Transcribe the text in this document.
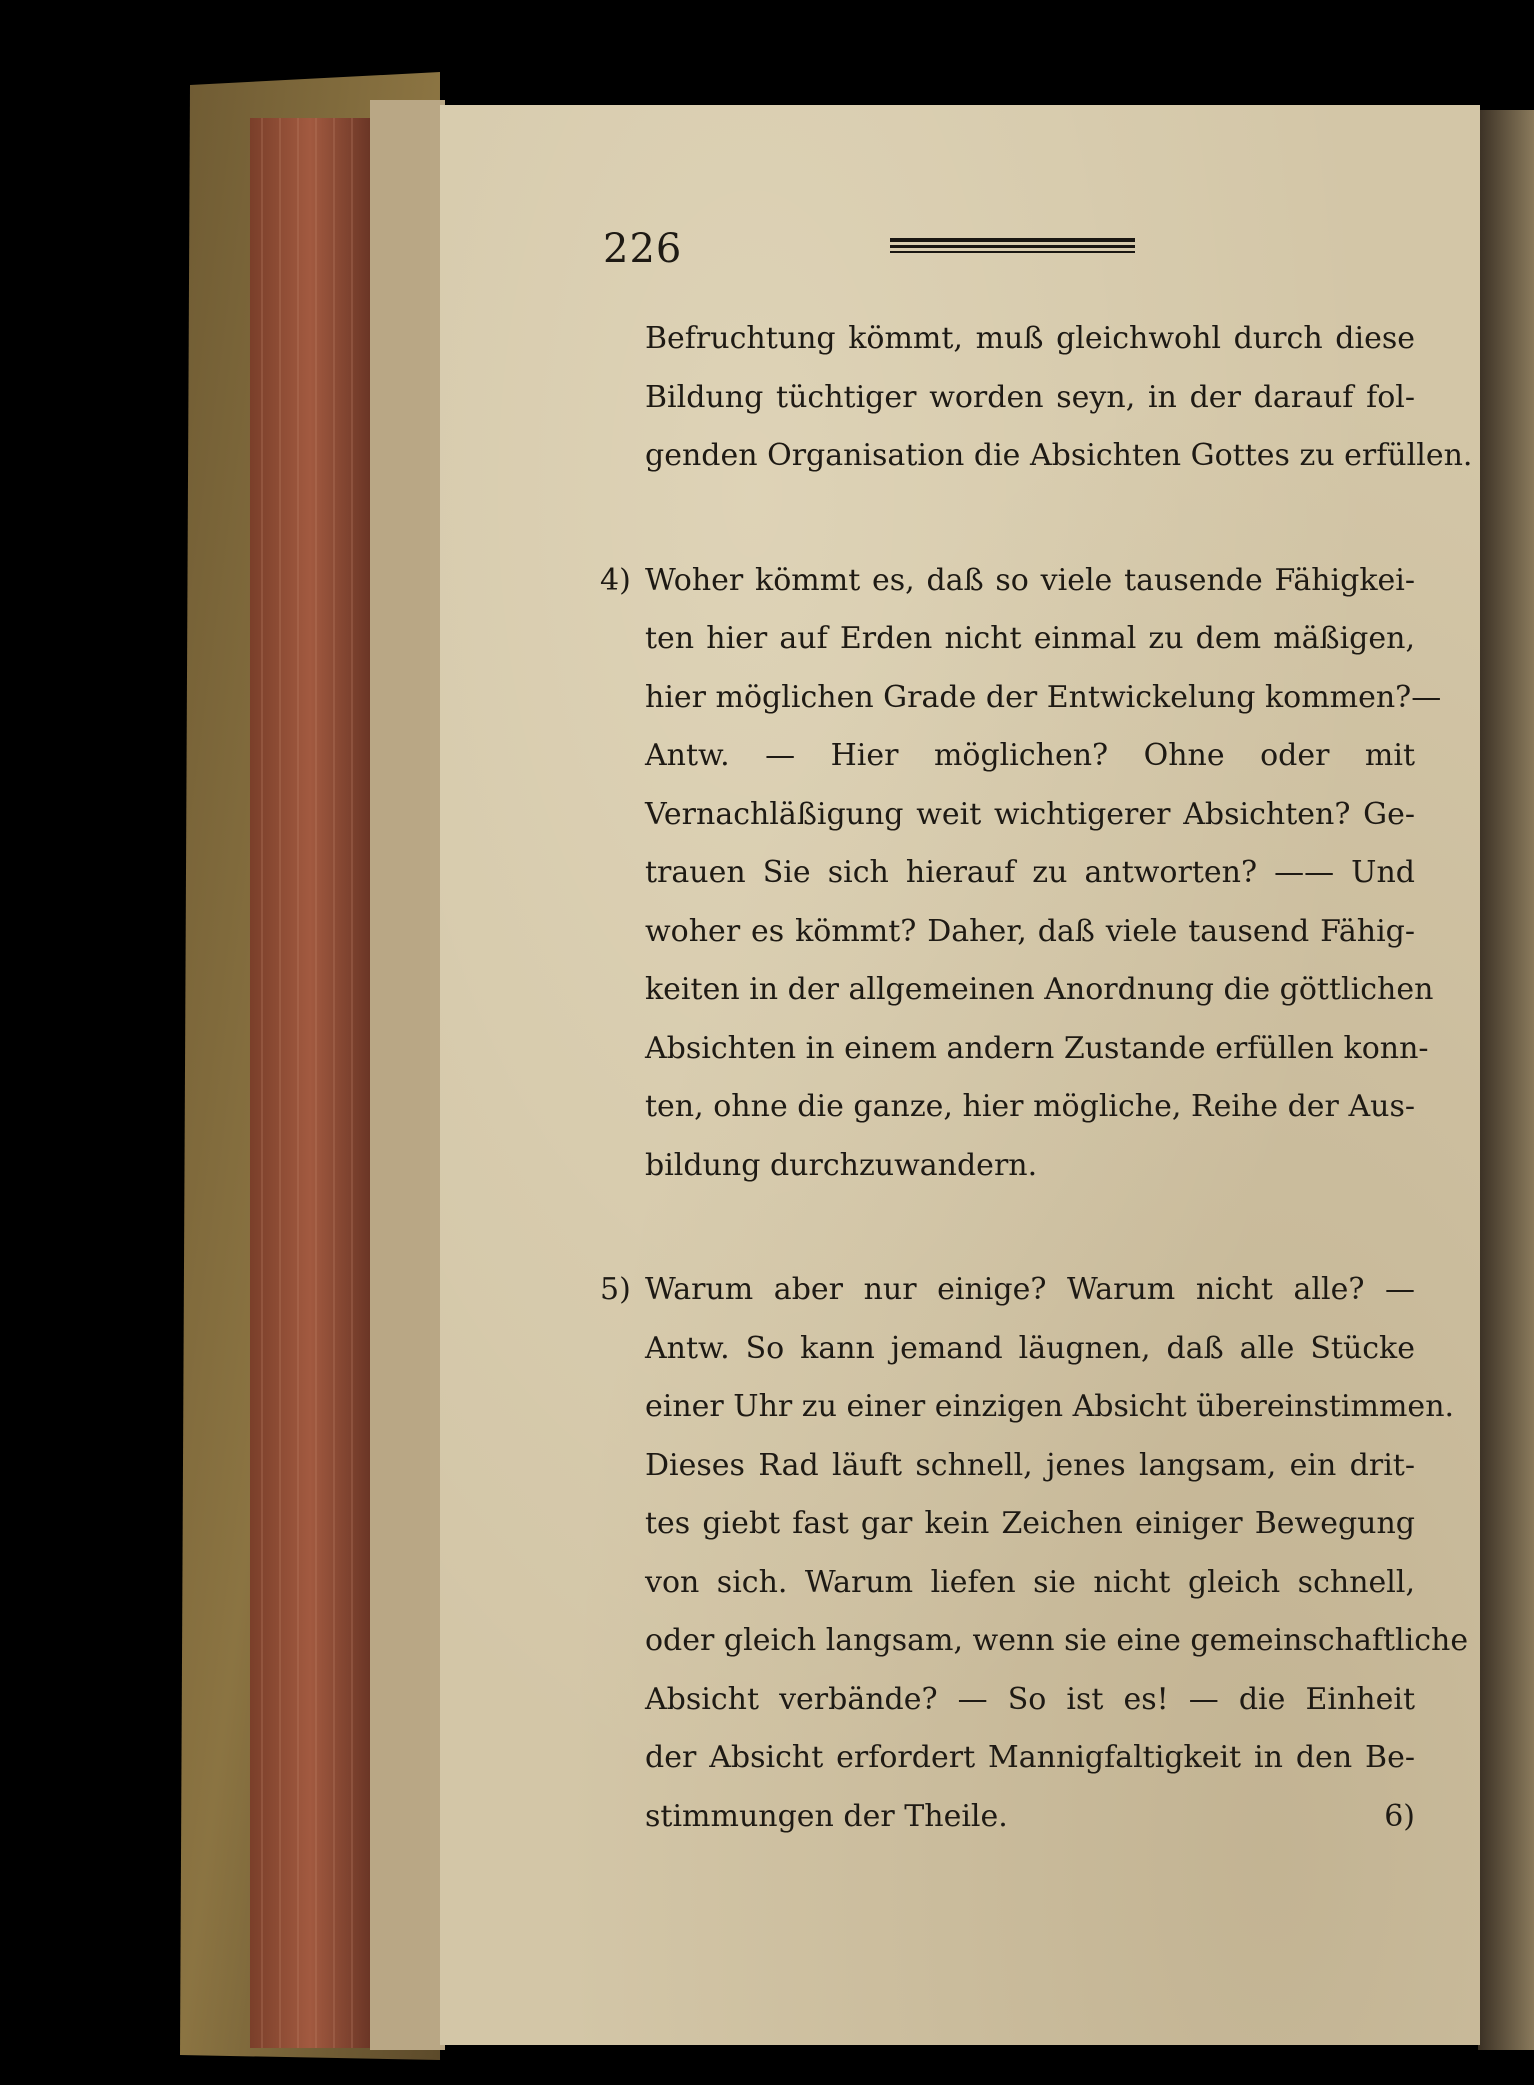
226
Befruchtung kömmt, muß gleichwohl durch diese
Bildung tüchtiger worden seyn, in der darauf fol-
genden Organisation die Absichten Gottes zu erfüllen.
4) Woher kömmt es, daß so viele tausende Fähigkei-
ten hier auf Erden nicht einmal zu dem mäßigen,
hier möglichen Grade der Entwickelung kommen?—
Antw. — Hier möglichen? Ohne oder mit
Vernachläßigung weit wichtigerer Absichten? Ge-
trauen Sie sich hierauf zu antworten? —— Und
woher es kömmt? Daher, daß viele tausend Fähig-
keiten in der allgemeinen Anordnung die göttlichen
Absichten in einem andern Zustande erfüllen konn-
ten, ohne die ganze, hier mögliche, Reihe der Aus-
bildung durchzuwandern.
5) Warum aber nur einige? Warum nicht alle? —
Antw. So kann jemand läugnen, daß alle Stücke
einer Uhr zu einer einzigen Absicht übereinstimmen.
Dieses Rad läuft schnell, jenes langsam, ein drit-
tes giebt fast gar kein Zeichen einiger Bewegung
von sich. Warum liefen sie nicht gleich schnell,
oder gleich langsam, wenn sie eine gemeinschaftliche
Absicht verbände? — So ist es! — die Einheit
der Absicht erfordert Mannigfaltigkeit in den Be-
stimmungen der Theile.	6)
